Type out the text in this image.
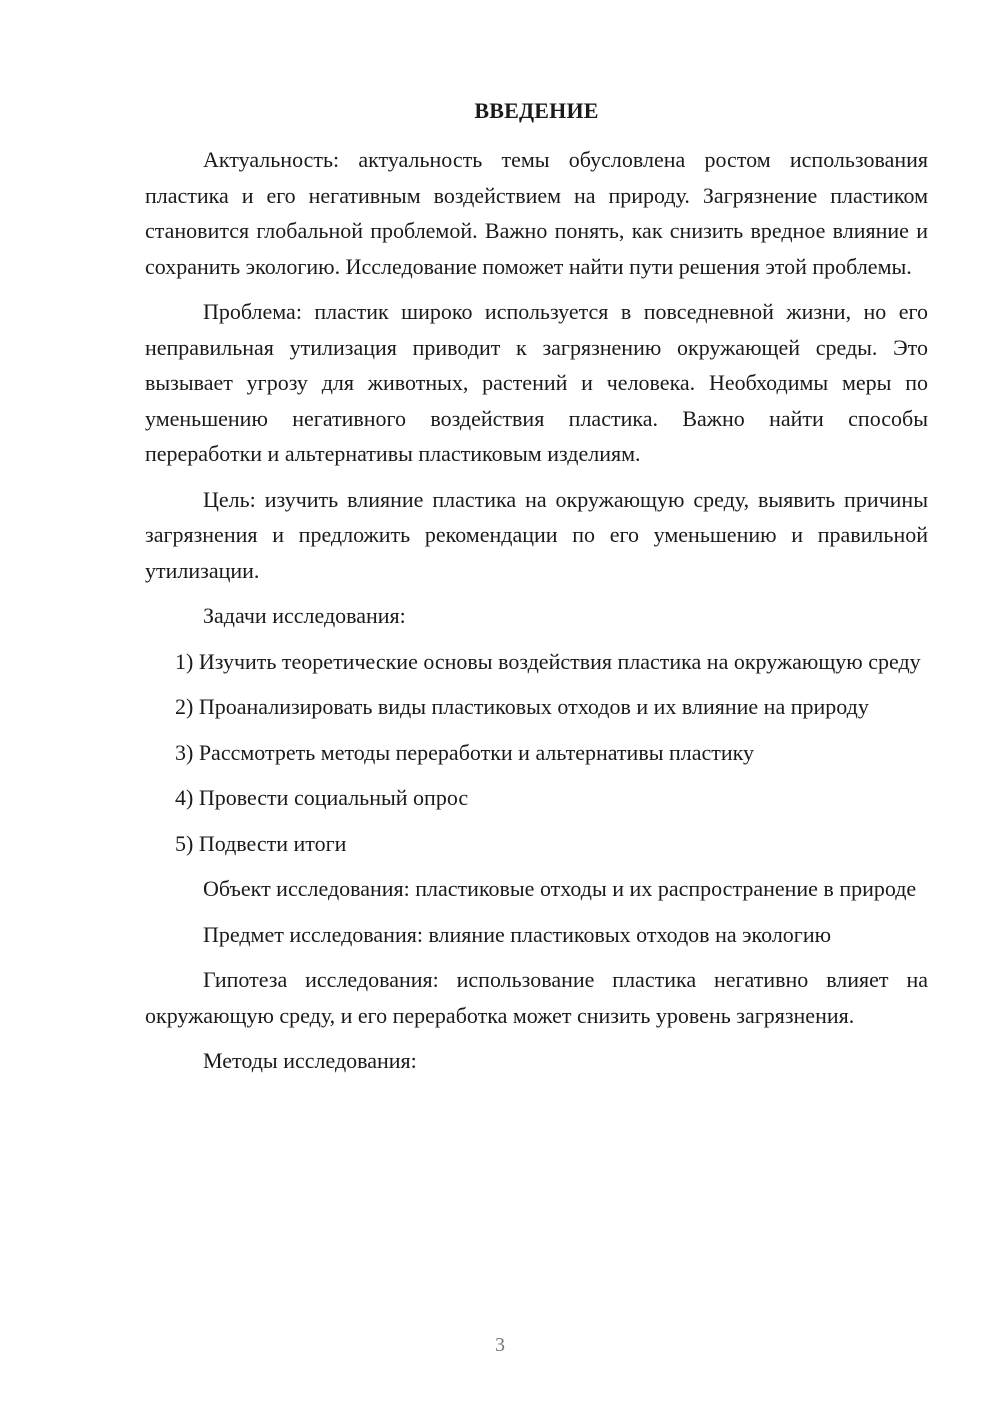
ВВЕДЕНИЕ

Актуальность: актуальность темы обусловлена ростом использования пластика и его негативным воздействием на природу. Загрязнение пластиком становится глобальной проблемой. Важно понять, как снизить вредное влияние и сохранить экологию. Исследование поможет найти пути решения этой проблемы.

Проблема: пластик широко используется в повседневной жизни, но его неправильная утилизация приводит к загрязнению окружающей среды. Это вызывает угрозу для животных, растений и человека. Необходимы меры по уменьшению негативного воздействия пластика. Важно найти способы переработки и альтернативы пластиковым изделиям.

Цель: изучить влияние пластика на окружающую среду, выявить причины загрязнения и предложить рекомендации по его уменьшению и правильной утилизации.

Задачи исследования:

1) Изучить теоретические основы воздействия пластика на окружающую среду

2) Проанализировать виды пластиковых отходов и их влияние на природу

3) Рассмотреть методы переработки и альтернативы пластику

4) Провести социальный опрос

5) Подвести итоги

Объект исследования: пластиковые отходы и их распространение в природе

Предмет исследования: влияние пластиковых отходов на экологию

Гипотеза исследования: использование пластика негативно влияет на окружающую среду, и его переработка может снизить уровень загрязнения.

Методы исследования:

3
